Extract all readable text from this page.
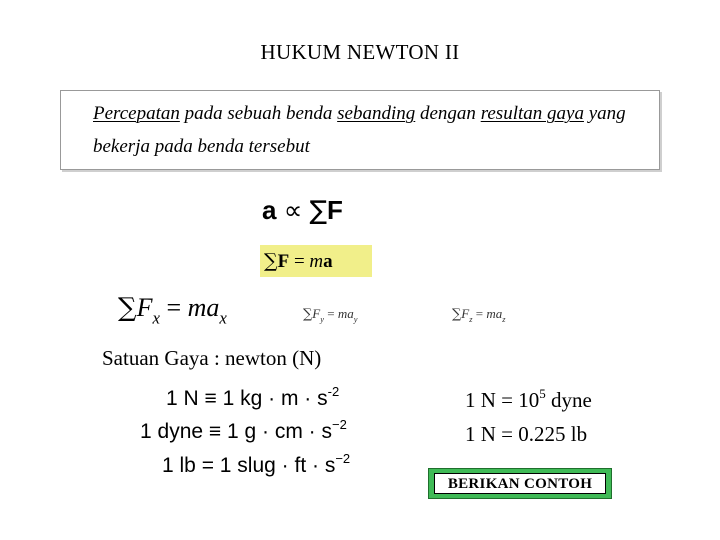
HUKUM NEWTON II
Percepatan pada sebuah benda sebanding dengan resultan gaya yang bekerja pada benda tersebut
a ∝ ∑F
∑F = ma
$\sum F_x = ma_x$	$\sum F_y = ma_y$	$\sum F_z = ma_z$
Satuan Gaya : newton (N)
1 N ≡ 1 kg · $m \cdot s^{-2}$
1 dyne ≡ 1 g · cm · $s^{-2}$
1 lb = 1 slug · ft · $s^{-2}$
1 $N = 10^5$ dyne
1 N = 0.225 lb
BERIKAN CONTOH
